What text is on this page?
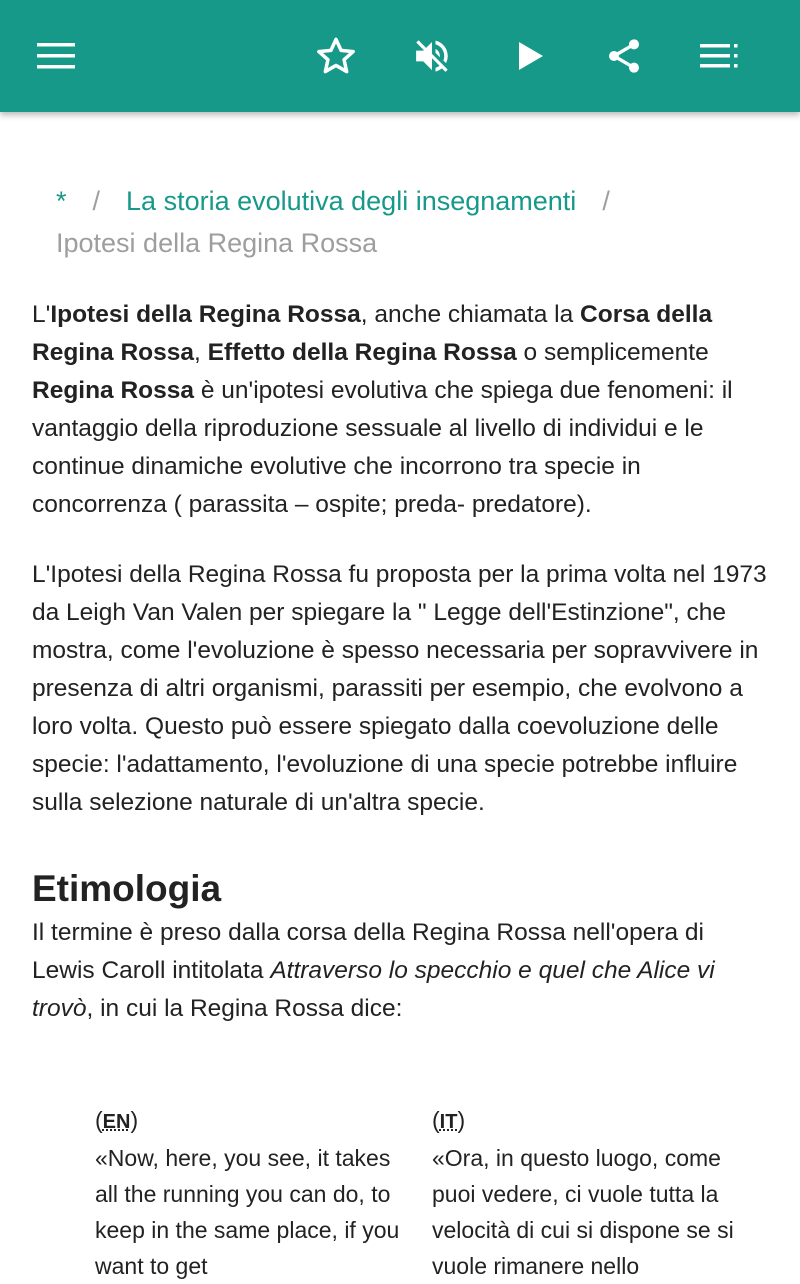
* / La storia evolutiva degli insegnamenti /
Ipotesi della Regina Rossa

L'Ipotesi della Regina Rossa, anche chiamata la Corsa della Regina Rossa, Effetto della Regina Rossa o semplicemente Regina Rossa è un'ipotesi evolutiva che spiega due fenomeni: il vantaggio della riproduzione sessuale al livello di individui e le continue dinamiche evolutive che incorrono tra specie in concorrenza ( parassita – ospite; preda- predatore).

L'Ipotesi della Regina Rossa fu proposta per la prima volta nel 1973 da Leigh Van Valen per spiegare la " Legge dell'Estinzione", che mostra, come l'evoluzione è spesso necessaria per sopravvivere in presenza di altri organismi, parassiti per esempio, che evolvono a loro volta. Questo può essere spiegato dalla coevoluzione delle specie: l'adattamento, l'evoluzione di una specie potrebbe influire sulla selezione naturale di un'altra specie.

Etimologia

Il termine è preso dalla corsa della Regina Rossa nell'opera di Lewis Caroll intitolata Attraverso lo specchio e quel che Alice vi trovò, in cui la Regina Rossa dice:

(EN)
«Now, here, you see, it takes all the running you can do, to keep in the same place, if you want to get
(IT)
«Ora, in questo luogo, come puoi vedere, ci vuole tutta la velocità di cui si dispone se si vuole rimanere nello
